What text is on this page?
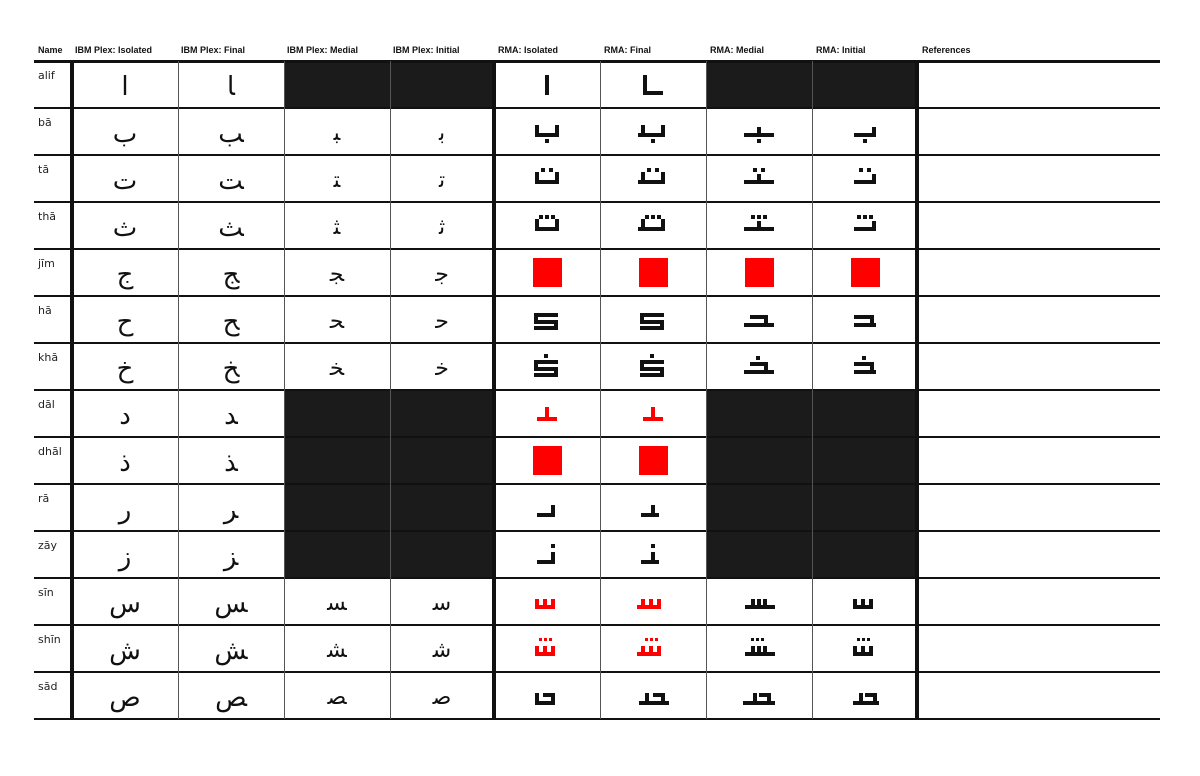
Name IBM Plex: Isolated	IBM Plex: Final	IBM Plex: Medial	IBM Plex: Initial	RMA: Isolated	RMA: Final	RMA: Medial	RMA: Initial	References
alif	ا	ﺎ
bā ب	ﺐ	ﺒ	ﺑ
tā ت	ﺖ	ﺘ	ﺗ
thā ث	ﺚ	ﺜ	ﺛ
jīm ج	ﺞ	ﺠ	ﺟ
hā ح	ﺢ	ﺤ	ﺣ
khā خ	ﺦ	ﺨ	ﺧ
dāl د	ﺪ
dhāl ذ	ﺬ
rā	ر	ﺮ
zāy ز	ﺰ
sīn س	ﺲ	ﺴ	ﺳ
shīn ش	ﺶ	ﺸ	ﺷ
sād ص	ﺺ	ﺼ	ﺻ
